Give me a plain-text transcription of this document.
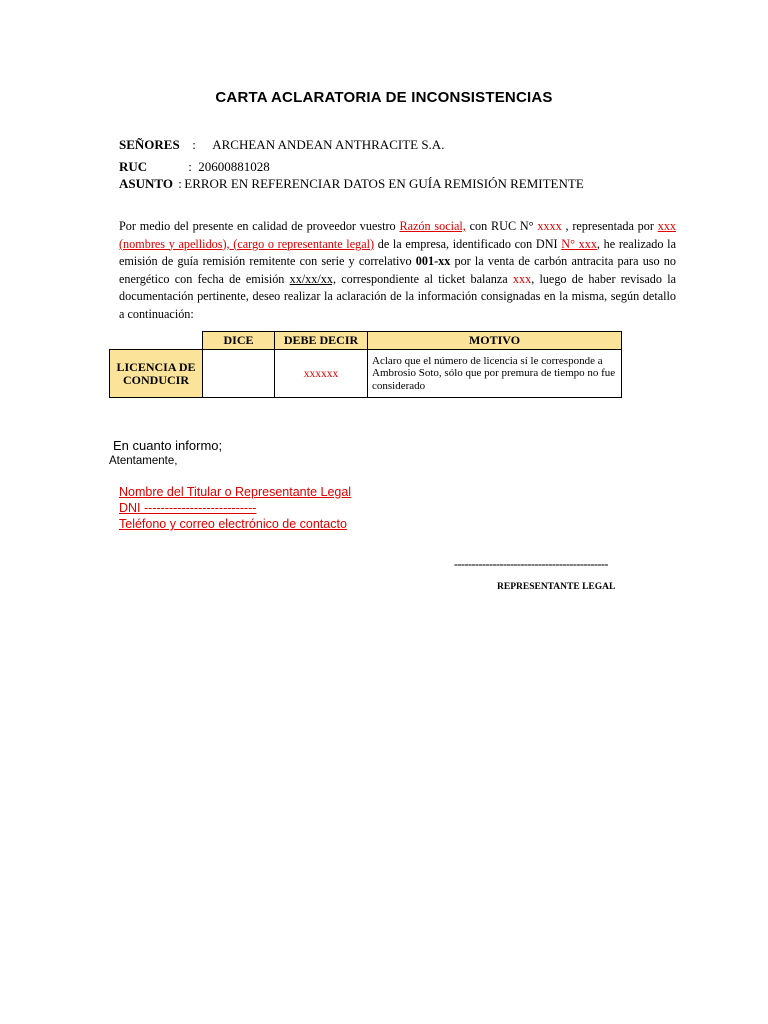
CARTA ACLARATORIA DE INCONSISTENCIAS
SEÑORES : ARCHEAN ANDEAN ANTHRACITE S.A.
RUC	: 20600881028
ASUNTO : ERROR EN REFERENCIAR DATOS EN GUÍA REMISIÓN REMITENTE
Por medio del presente en calidad de proveedor vuestro Razón social, con RUC N° xxxx , representada por xxx (nombres y apellidos), (cargo o representante legal) de la empresa, identificado con DNI N° xxx, he realizado la emisión de guía remisión remitente con serie y correlativo 001-xx por la venta de carbón antracita para uso no energético con fecha de emisión xx/xx/xx, correspondiente al ticket balanza xxx, luego de haber revisado la documentación pertinente, deseo realizar la aclaración de la información consignadas en la misma, según detallo a continuación:
	DICE	DEBE DECIR	MOTIVO
LICENCIA DE CONDUCIR		xxxxxx	Aclaro que el número de licencia sí le corresponde a Ambrosio Soto, sólo que por premura de tiempo no fue considerado
En cuanto informo;
Atentamente,
Nombre del Titular o Representante Legal
DNI ---------------------------
Teléfono y correo electrónico de contacto
--------------------------------------------
REPRESENTANTE LEGAL
